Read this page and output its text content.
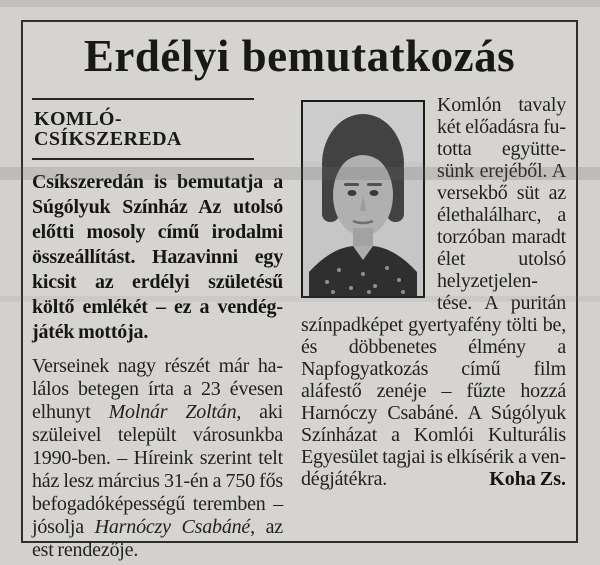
Erdélyi bemutatkozás
KOMLÓ-CSÍKSZEREDA

Csíkszeredán is bemutatja a Súgólyuk Színház Az utolsó előtti mosoly című irodalmi összeállítást. Hazavinni egy kicsit az erdélyi születésű költő emlékét – ez a vendégjáték mottója.

Verseinek nagy részét már halálos betegen írta a 23 évesen elhunyt Molnár Zoltán, aki szüleivel települt városunkba 1990-ben. – Híreink szerint telt ház lesz március 31-én a 750 fős befogadóképességű teremben – jósolja Harnóczy Csabáné, az est rendezője.

Komlón tavaly két előadásra futotta együttesünk erejéből. A versekbő süt az élethalálharc, a torzóban maradt élet utolsó helyzetjelentése. A puritán színpadképet gyertyafény tölti be, és döbbenetes élmény a Napfogyatkozás című film aláfestő zenéje – fűzte hozzá Harnóczy Csabáné. A Súgólyuk Színházat a Komlói Kulturális Egyesület tagjai is elkísérik a vendégjátékra.	Koha Zs.
